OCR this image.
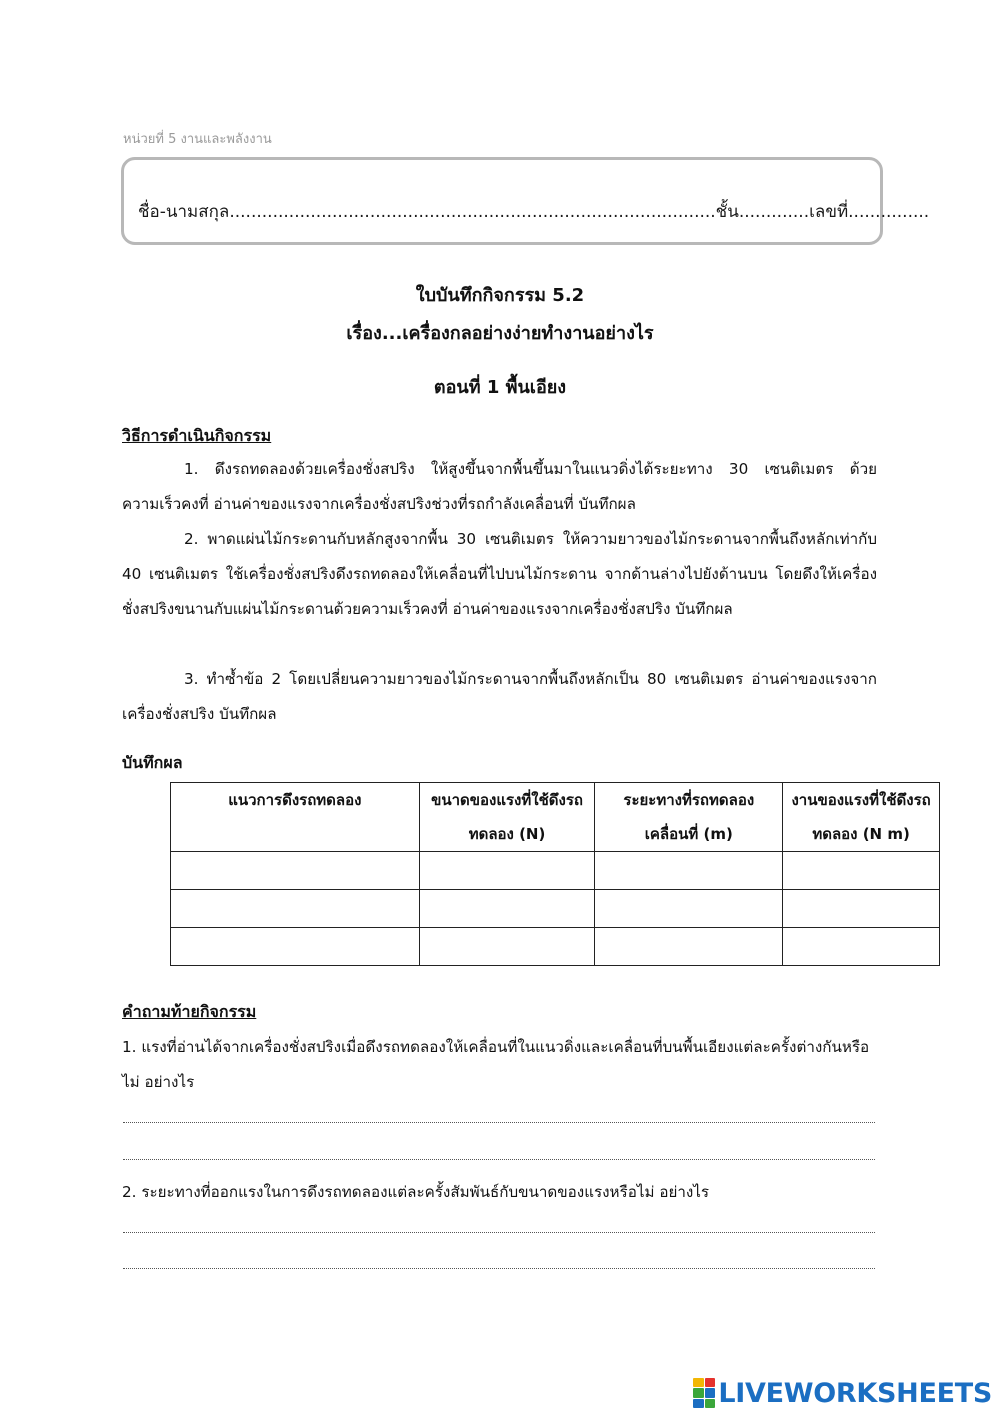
หน่วยที่ 5 งานและพลังงาน
ชื่อ-นามสกุล..........................................................................................ชั้น.............เลขที่...............
ใบบันทึกกิจกรรม 5.2
เรื่อง...เครื่องกลอย่างง่ายทำงานอย่างไร
ตอนที่ 1 พื้นเอียง
วิธีการดำเนินกิจกรรม
1. ดึงรถทดลองด้วยเครื่องชั่งสปริง ให้สูงขึ้นจากพื้นขึ้นมาในแนวดิ่งได้ระยะทาง 30 เซนติเมตร ด้วยความเร็วคงที่ อ่านค่าของแรงจากเครื่องชั่งสปริงช่วงที่รถกำลังเคลื่อนที่ บันทึกผล
2. พาดแผ่นไม้กระดานกับหลักสูงจากพื้น 30 เซนติเมตร ให้ความยาวของไม้กระดานจากพื้นถึงหลักเท่ากับ 40 เซนติเมตร ใช้เครื่องชั่งสปริงดึงรถทดลองให้เคลื่อนที่ไปบนไม้กระดาน จากด้านล่างไปยังด้านบน โดยดึงให้เครื่องชั่งสปริงขนานกับแผ่นไม้กระดานด้วยความเร็วคงที่ อ่านค่าของแรงจากเครื่องชั่งสปริง บันทึกผล
3. ทำซ้ำข้อ 2 โดยเปลี่ยนความยาวของไม้กระดานจากพื้นถึงหลักเป็น 80 เซนติเมตร อ่านค่าของแรงจากเครื่องชั่งสปริง บันทึกผล
บันทึกผล
แนวการดึงรถทดลอง	ขนาดของแรงที่ใช้ดึงรถทดลอง (N)	ระยะทางที่รถทดลองเคลื่อนที่ (m)	งานของแรงที่ใช้ดึงรถทดลอง (N m)

คำถามท้ายกิจกรรม
1. แรงที่อ่านได้จากเครื่องชั่งสปริงเมื่อดึงรถทดลองให้เคลื่อนที่ในแนวดิ่งและเคลื่อนที่บนพื้นเอียงแต่ละครั้งต่างกันหรือไม่ อย่างไร
2. ระยะทางที่ออกแรงในการดึงรถทดลองแต่ละครั้งสัมพันธ์กับขนาดของแรงหรือไม่ อย่างไร
LIVEWORKSHEETS
